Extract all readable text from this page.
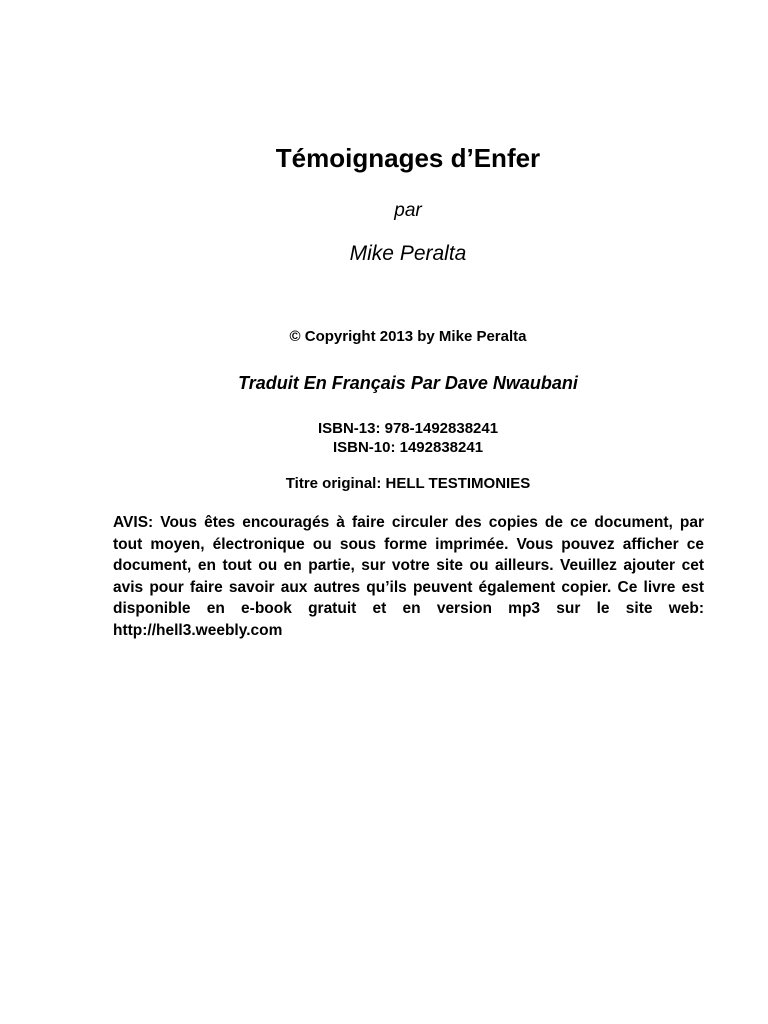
Témoignages d’Enfer
par
Mike Peralta
© Copyright 2013 by Mike Peralta
Traduit En Français Par Dave Nwaubani
ISBN-13: 978-1492838241
ISBN-10: 1492838241
Titre original: HELL TESTIMONIES
AVIS: Vous êtes encouragés à faire circuler des copies de ce document, par tout moyen, électronique ou sous forme imprimée. Vous pouvez afficher ce document, en tout ou en partie, sur votre site ou ailleurs. Veuillez ajouter cet avis pour faire savoir aux autres qu’ils peuvent également copier. Ce livre est disponible en e-book gratuit et en version mp3 sur le site web: http://hell3.weebly.com
